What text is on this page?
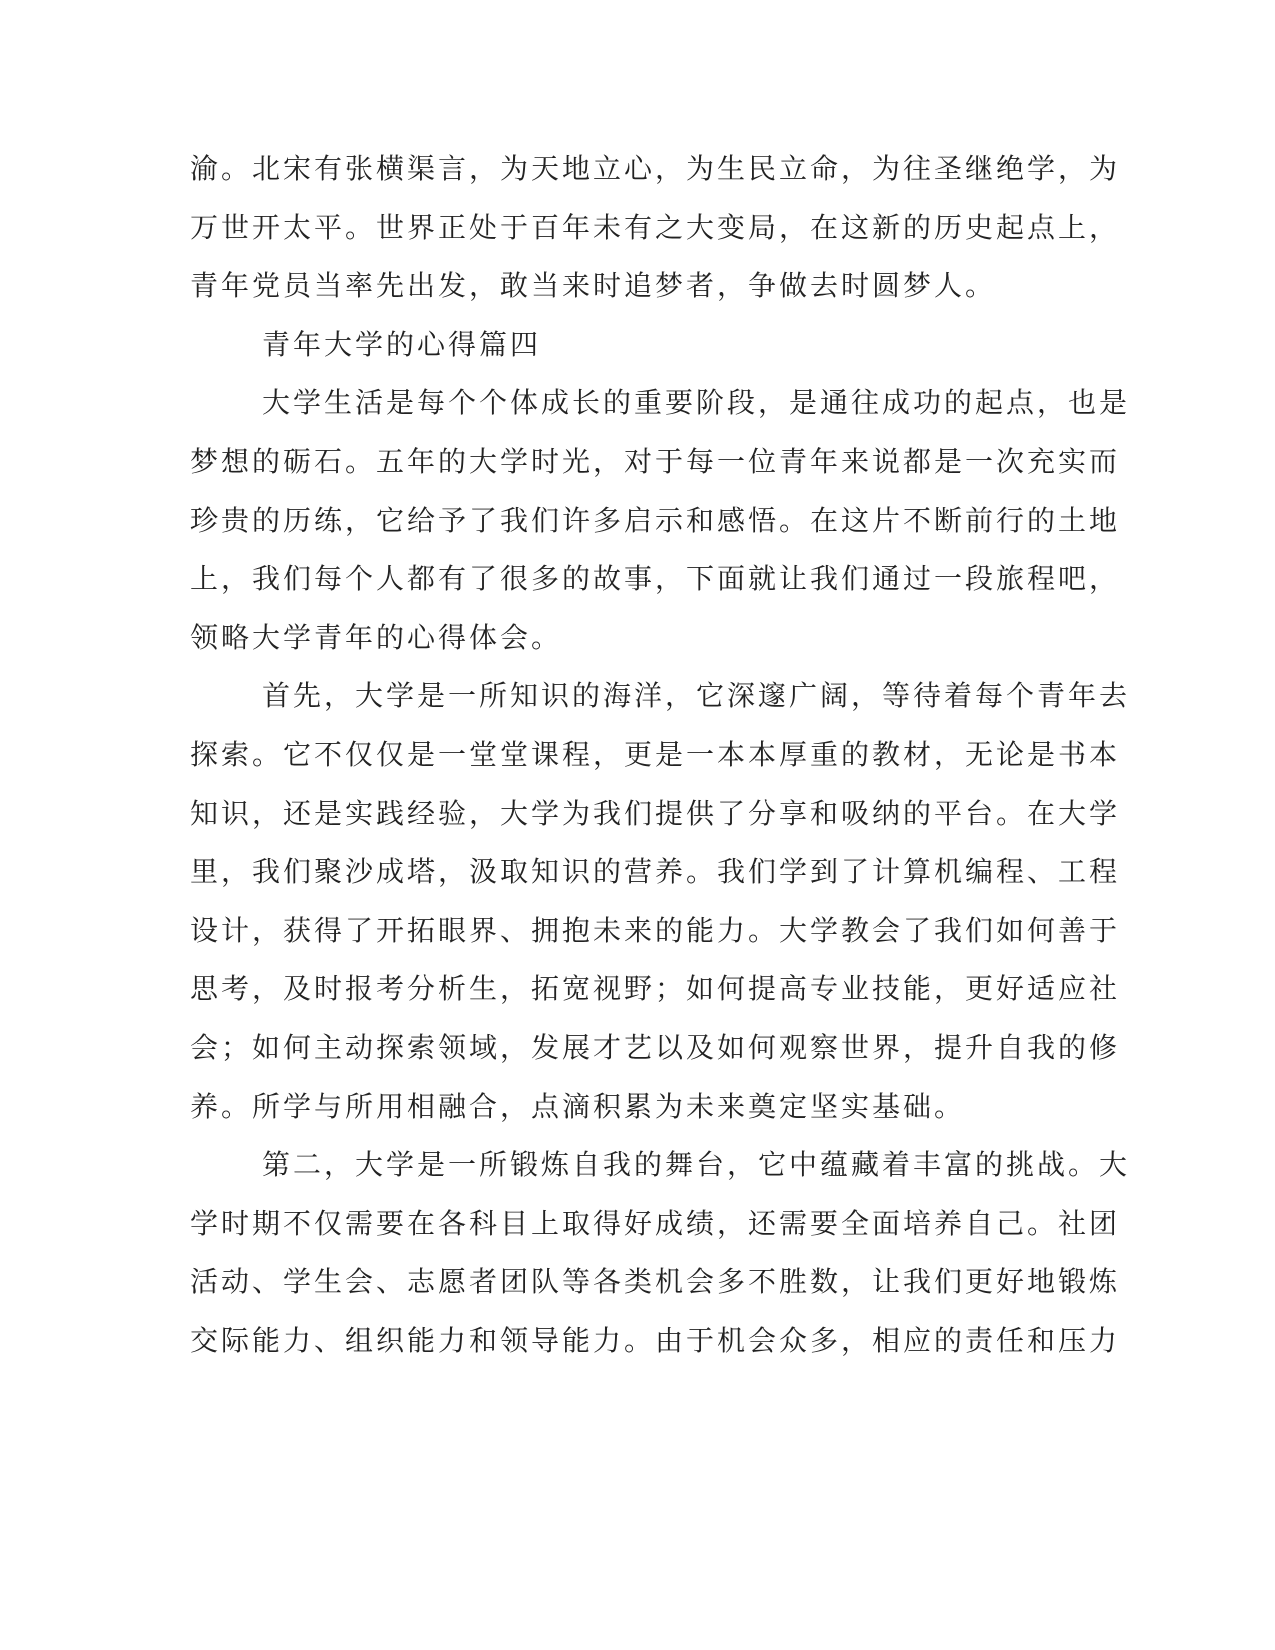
渝。北宋有张横渠言，为天地立心，为生民立命，为往圣继绝学，为
万世开太平。世界正处于百年未有之大变局，在这新的历史起点上，
青年党员当率先出发，敢当来时追梦者，争做去时圆梦人。
青年大学的心得篇四
大学生活是每个个体成长的重要阶段，是通往成功的起点，也是
梦想的砺石。五年的大学时光，对于每一位青年来说都是一次充实而
珍贵的历练，它给予了我们许多启示和感悟。在这片不断前行的土地
上，我们每个人都有了很多的故事，下面就让我们通过一段旅程吧，
领略大学青年的心得体会。
首先，大学是一所知识的海洋，它深邃广阔，等待着每个青年去
探索。它不仅仅是一堂堂课程，更是一本本厚重的教材，无论是书本
知识，还是实践经验，大学为我们提供了分享和吸纳的平台。在大学
里，我们聚沙成塔，汲取知识的营养。我们学到了计算机编程、工程
设计，获得了开拓眼界、拥抱未来的能力。大学教会了我们如何善于
思考，及时报考分析生，拓宽视野；如何提高专业技能，更好适应社
会；如何主动探索领域，发展才艺以及如何观察世界，提升自我的修
养。所学与所用相融合，点滴积累为未来奠定坚实基础。
第二，大学是一所锻炼自我的舞台，它中蕴藏着丰富的挑战。大
学时期不仅需要在各科目上取得好成绩，还需要全面培养自己。社团
活动、学生会、志愿者团队等各类机会多不胜数，让我们更好地锻炼
交际能力、组织能力和领导能力。由于机会众多，相应的责任和压力
